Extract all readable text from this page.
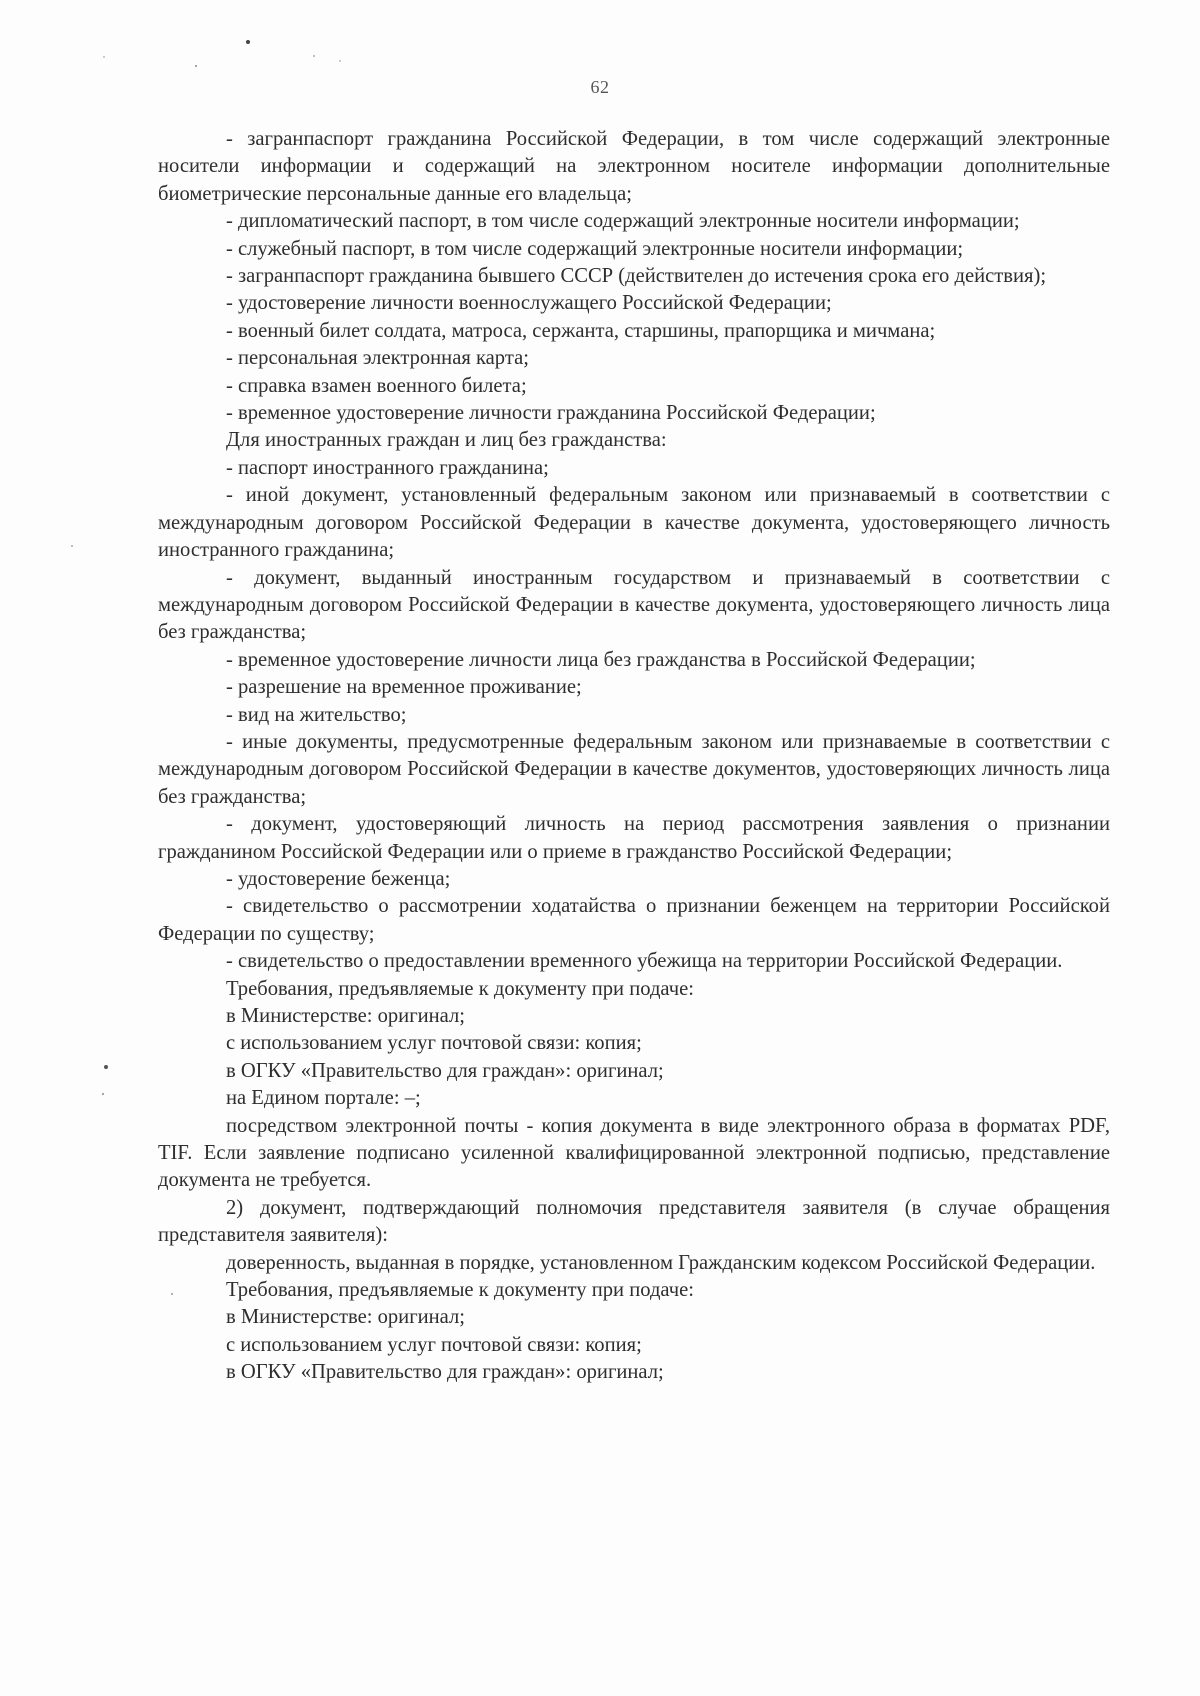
62

- загранпаспорт гражданина Российской Федерации, в том числе содержащий электронные носители информации и содержащий на электронном носителе информации дополнительные биометрические персональные данные его владельца;

- дипломатический паспорт, в том числе содержащий электронные носители информации;

- служебный паспорт, в том числе содержащий электронные носители информации;

- загранпаспорт гражданина бывшего СССР (действителен до истечения срока его действия);

- удостоверение личности военнослужащего Российской Федерации;

- военный билет солдата, матроса, сержанта, старшины, прапорщика и мичмана;

- персональная электронная карта;

- справка взамен военного билета;

- временное удостоверение личности гражданина Российской Федерации;

Для иностранных граждан и лиц без гражданства:

- паспорт иностранного гражданина;

- иной документ, установленный федеральным законом или признаваемый в соответствии с международным договором Российской Федерации в качестве документа, удостоверяющего личность иностранного гражданина;

- документ, выданный иностранным государством и признаваемый в соответствии с международным договором Российской Федерации в качестве документа, удостоверяющего личность лица без гражданства;

- временное удостоверение личности лица без гражданства в Российской Федерации;

- разрешение на временное проживание;

- вид на жительство;

- иные документы, предусмотренные федеральным законом или признаваемые в соответствии с международным договором Российской Федерации в качестве документов, удостоверяющих личность лица без гражданства;

- документ, удостоверяющий личность на период рассмотрения заявления о признании гражданином Российской Федерации или о приеме в гражданство Российской Федерации;

- удостоверение беженца;

- свидетельство о рассмотрении ходатайства о признании беженцем на территории Российской Федерации по существу;

- свидетельство о предоставлении временного убежища на территории Российской Федерации.

Требования, предъявляемые к документу при подаче:

в Министерстве: оригинал;

с использованием услуг почтовой связи: копия;

в ОГКУ «Правительство для граждан»: оригинал;

на Едином портале: –;

посредством электронной почты - копия документа в виде электронного образа в форматах PDF, TIF. Если заявление подписано усиленной квалифицированной электронной подписью, представление документа не требуется.

2) документ, подтверждающий полномочия представителя заявителя (в случае обращения представителя заявителя):

доверенность, выданная в порядке, установленном Гражданским кодексом Российской Федерации.

Требования, предъявляемые к документу при подаче:

в Министерстве: оригинал;

с использованием услуг почтовой связи: копия;

в ОГКУ «Правительство для граждан»: оригинал;
